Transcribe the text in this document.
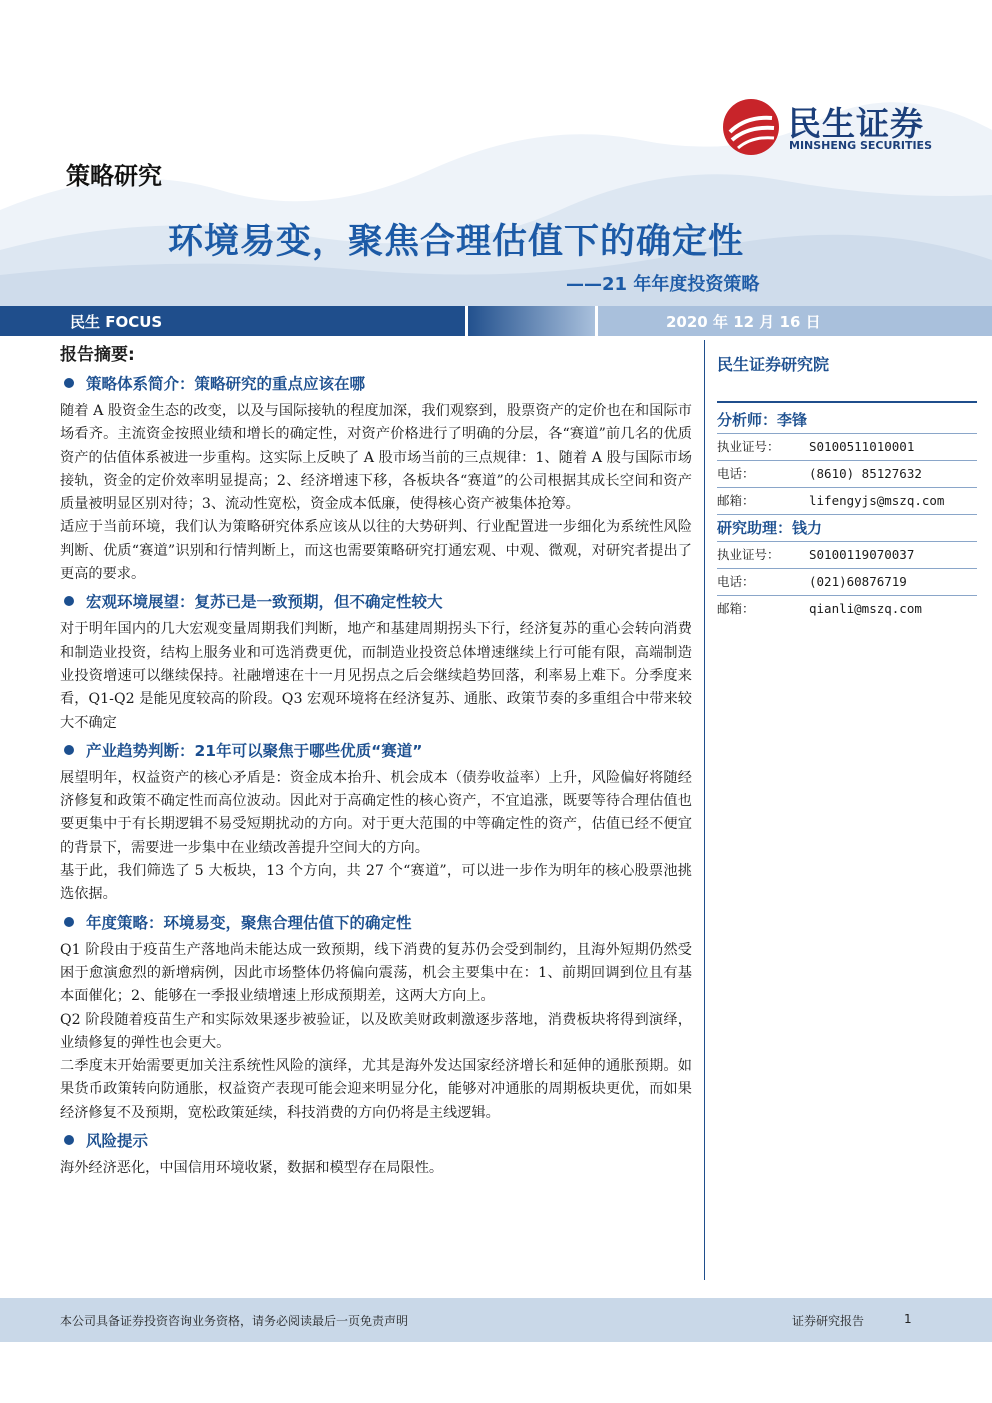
民生证券
MINSHENG SECURITIES
策略研究
环境易变，聚焦合理估值下的确定性
——21 年年度投资策略
民生 FOCUS	2020 年 12 月 16 日
报告摘要:
策略体系简介：策略研究的重点应该在哪

随着 A 股资金生态的改变，以及与国际接轨的程度加深，我们观察到，股票资产的定价也在和国际市场看齐。主流资金按照业绩和增长的确定性，对资产价格进行了明确的分层，各“赛道”前几名的优质资产的估值体系被进一步重构。这实际上反映了 A 股市场当前的三点规律：1、随着 A 股与国际市场接轨，资金的定价效率明显提高；2、经济增速下移，各板块各“赛道”的公司根据其成长空间和资产质量被明显区别对待；3、流动性宽松，资金成本低廉，使得核心资产被集体抢筹。

适应于当前环境，我们认为策略研究体系应该从以往的大势研判、行业配置进一步细化为系统性风险判断、优质“赛道”识别和行情判断上，而这也需要策略研究打通宏观、中观、微观，对研究者提出了更高的要求。

宏观环境展望：复苏已是一致预期，但不确定性较大

对于明年国内的几大宏观变量周期我们判断，地产和基建周期拐头下行，经济复苏的重心会转向消费和制造业投资，结构上服务业和可选消费更优，而制造业投资总体增速继续上行可能有限，高端制造业投资增速可以继续保持。社融增速在十一月见拐点之后会继续趋势回落，利率易上难下。分季度来看，Q1-Q2 是能见度较高的阶段。Q3 宏观环境将在经济复苏、通胀、政策节奏的多重组合中带来较大不确定

产业趋势判断：21年可以聚焦于哪些优质“赛道”

展望明年，权益资产的核心矛盾是：资金成本抬升、机会成本（债券收益率）上升，风险偏好将随经济修复和政策不确定性而高位波动。因此对于高确定性的核心资产，不宜追涨，既要等待合理估值也要更集中于有长期逻辑不易受短期扰动的方向。对于更大范围的中等确定性的资产，估值已经不便宜的背景下，需要进一步集中在业绩改善提升空间大的方向。

基于此，我们筛选了 5 大板块，13 个方向，共 27 个“赛道”，可以进一步作为明年的核心股票池挑选依据。

年度策略：环境易变，聚焦合理估值下的确定性

Q1 阶段由于疫苗生产落地尚未能达成一致预期，线下消费的复苏仍会受到制约，且海外短期仍然受困于愈演愈烈的新增病例，因此市场整体仍将偏向震荡，机会主要集中在：1、前期回调到位且有基本面催化；2、能够在一季报业绩增速上形成预期差，这两大方向上。

Q2 阶段随着疫苗生产和实际效果逐步被验证，以及欧美财政刺激逐步落地，消费板块将得到演绎，业绩修复的弹性也会更大。

二季度末开始需要更加关注系统性风险的演绎，尤其是海外发达国家经济增长和延伸的通胀预期。如果货币政策转向防通胀，权益资产表现可能会迎来明显分化，能够对冲通胀的周期板块更优，而如果经济修复不及预期，宽松政策延续，科技消费的方向仍将是主线逻辑。

风险提示

海外经济恶化，中国信用环境收紧，数据和模型存在局限性。

民生证券研究院
分析师：李锋
执业证号： S0100511010001
电话：	(8610) 85127632
邮箱：	lifengyjs@mszq.com
研究助理：钱力
执业证号： S0100119070037
电话：	(021)60876719
邮箱：	qianli@mszq.com
本公司具备证券投资咨询业务资格，请务必阅读最后一页免责声明	证券研究报告	1
